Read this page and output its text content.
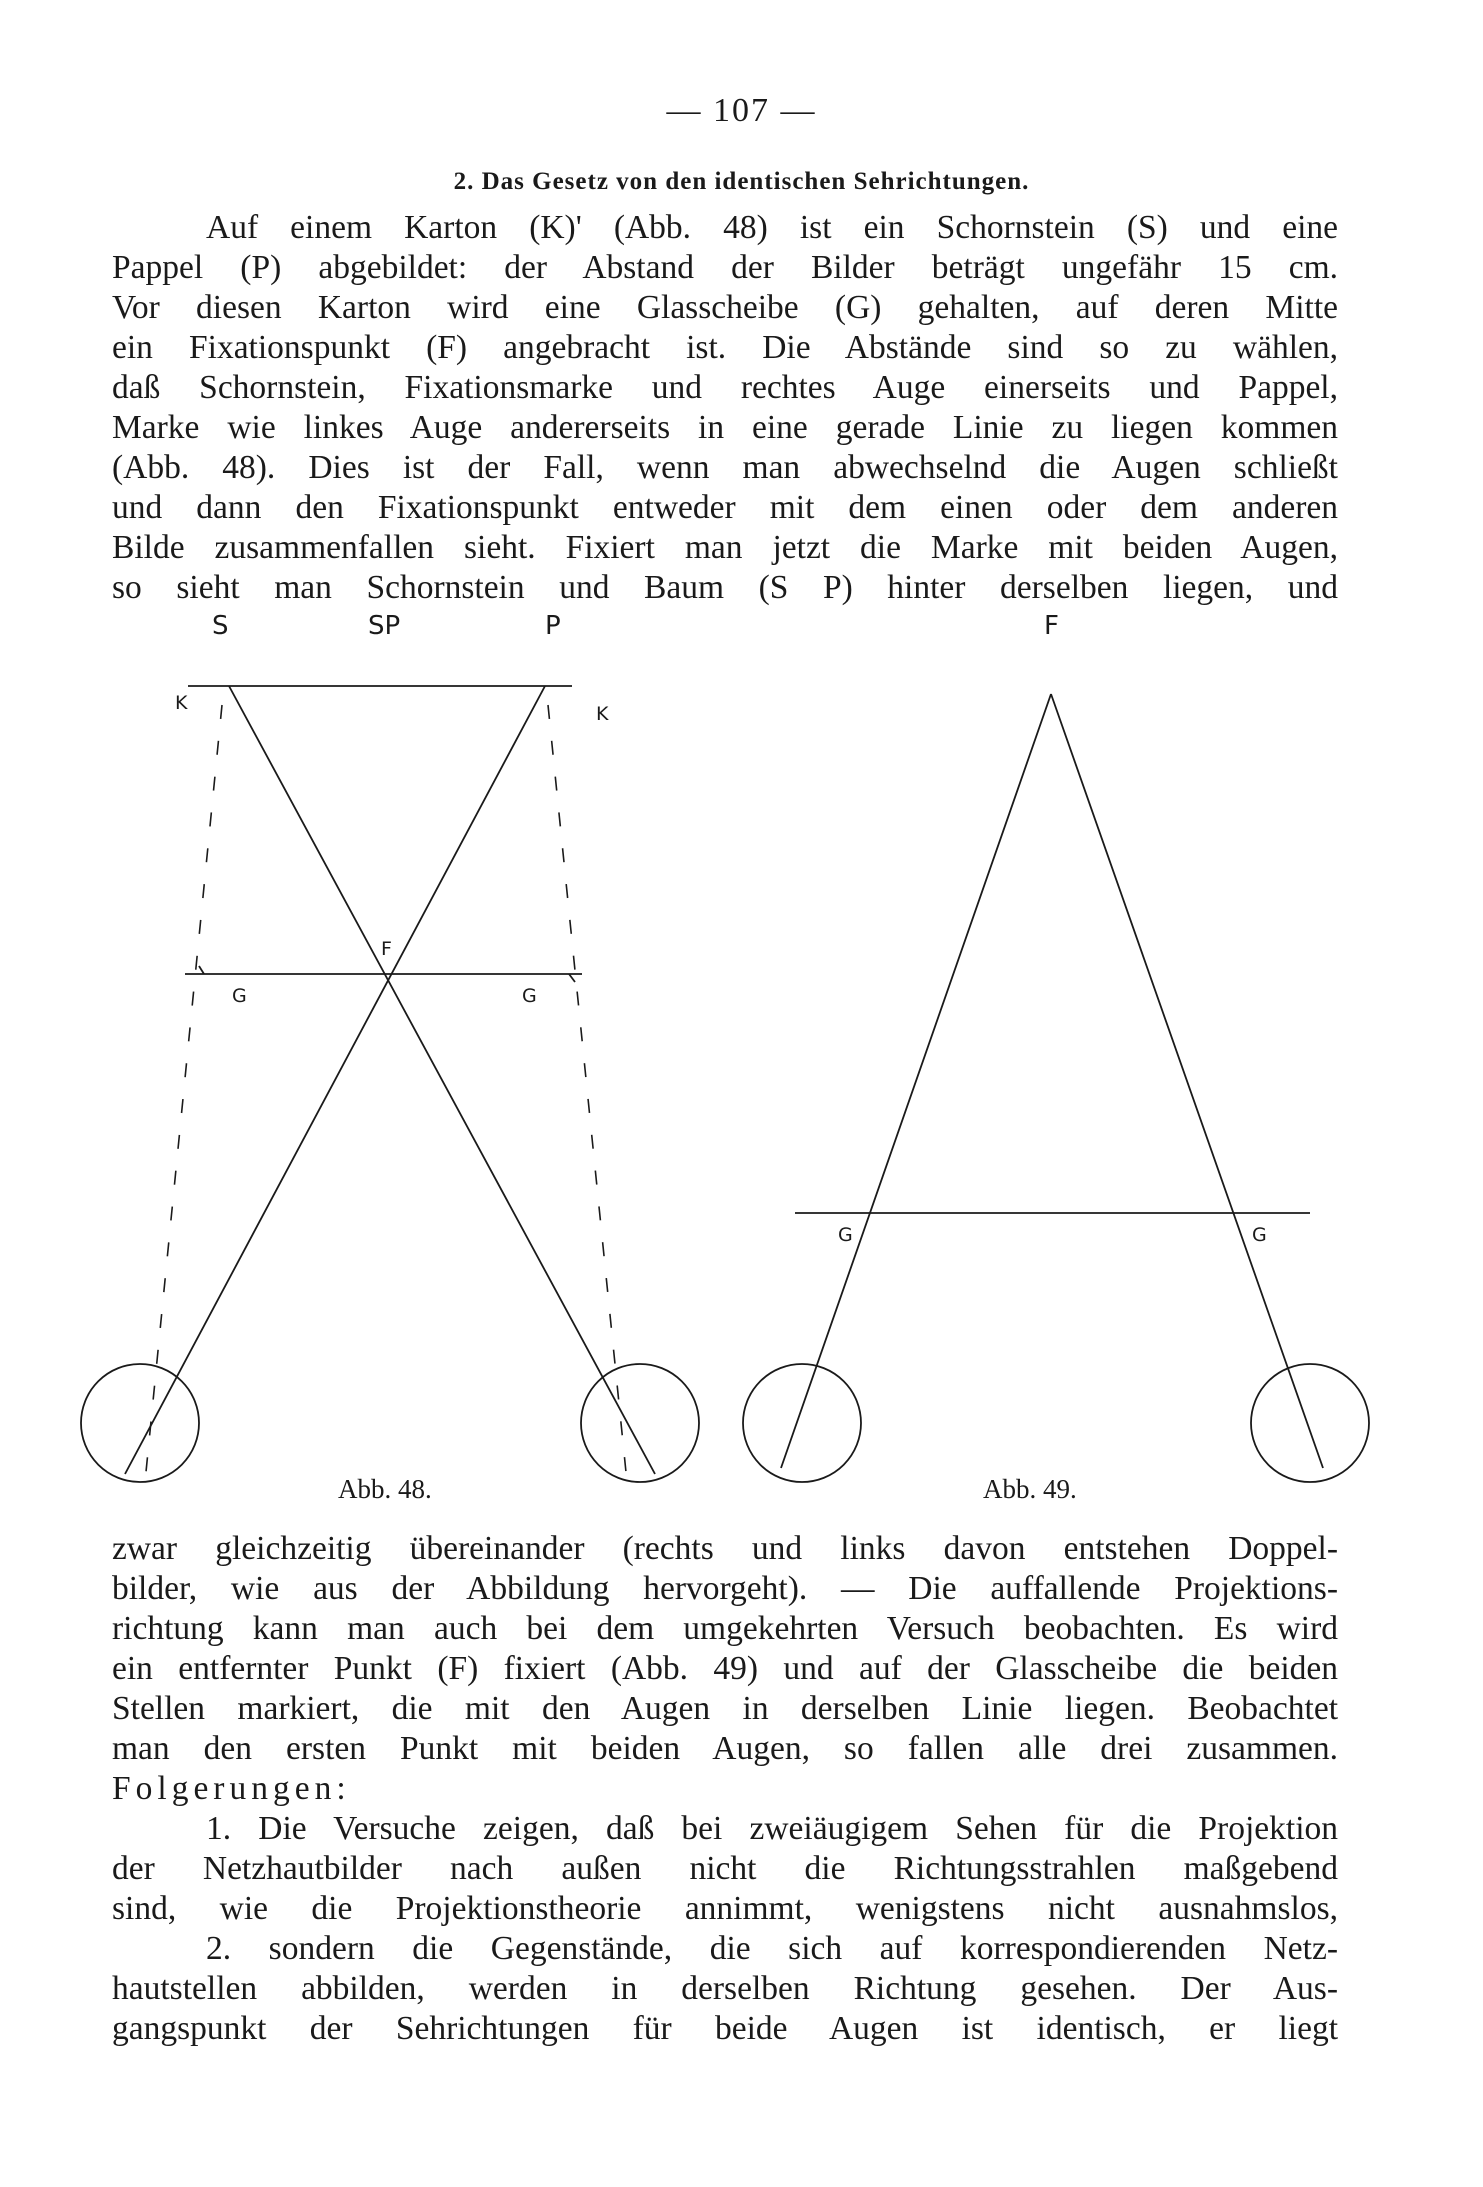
— 107 —
2. Das Gesetz von den identischen Sehrichtungen.
Auf einem Karton (K)' (Abb. 48) ist ein Schornstein (S) und eine
Pappel (P) abgebildet: der Abstand der Bilder beträgt ungefähr 15 cm.
Vor diesen Karton wird eine Glasscheibe (G) gehalten, auf deren Mitte
ein Fixationspunkt (F) angebracht ist. Die Abstände sind so zu wählen,
daß Schornstein, Fixationsmarke und rechtes Auge einerseits und Pappel,
Marke wie linkes Auge andererseits in eine gerade Linie zu liegen kommen
(Abb. 48). Dies ist der Fall, wenn man abwechselnd die Augen schließt
und dann den Fixationspunkt entweder mit dem einen oder dem anderen
Bilde zusammenfallen sieht. Fixiert man jetzt die Marke mit beiden Augen,
so sieht man Schornstein und Baum (S P) hinter derselben liegen, und
S	SP	P
K	K
F
G	G
Abb. 48.
F
G	G
Abb. 49.
zwar gleichzeitig übereinander (rechts und links davon entstehen Doppel-
bilder, wie aus der Abbildung hervorgeht). — Die auffallende Projektions-
richtung kann man auch bei dem umgekehrten Versuch beobachten. Es wird
ein entfernter Punkt (F) fixiert (Abb. 49) und auf der Glasscheibe die beiden
Stellen markiert, die mit den Augen in derselben Linie liegen. Beobachtet
man den ersten Punkt mit beiden Augen, so fallen alle drei zusammen.
Folgerungen:
1. Die Versuche zeigen, daß bei zweiäugigem Sehen für die Projektion
der Netzhautbilder nach außen nicht die Richtungsstrahlen maßgebend
sind, wie die Projektionstheorie annimmt, wenigstens nicht ausnahmslos,
2. sondern die Gegenstände, die sich auf korrespondierenden Netz-
hautstellen abbilden, werden in derselben Richtung gesehen. Der Aus-
gangspunkt der Sehrichtungen für beide Augen ist identisch, er liegt
